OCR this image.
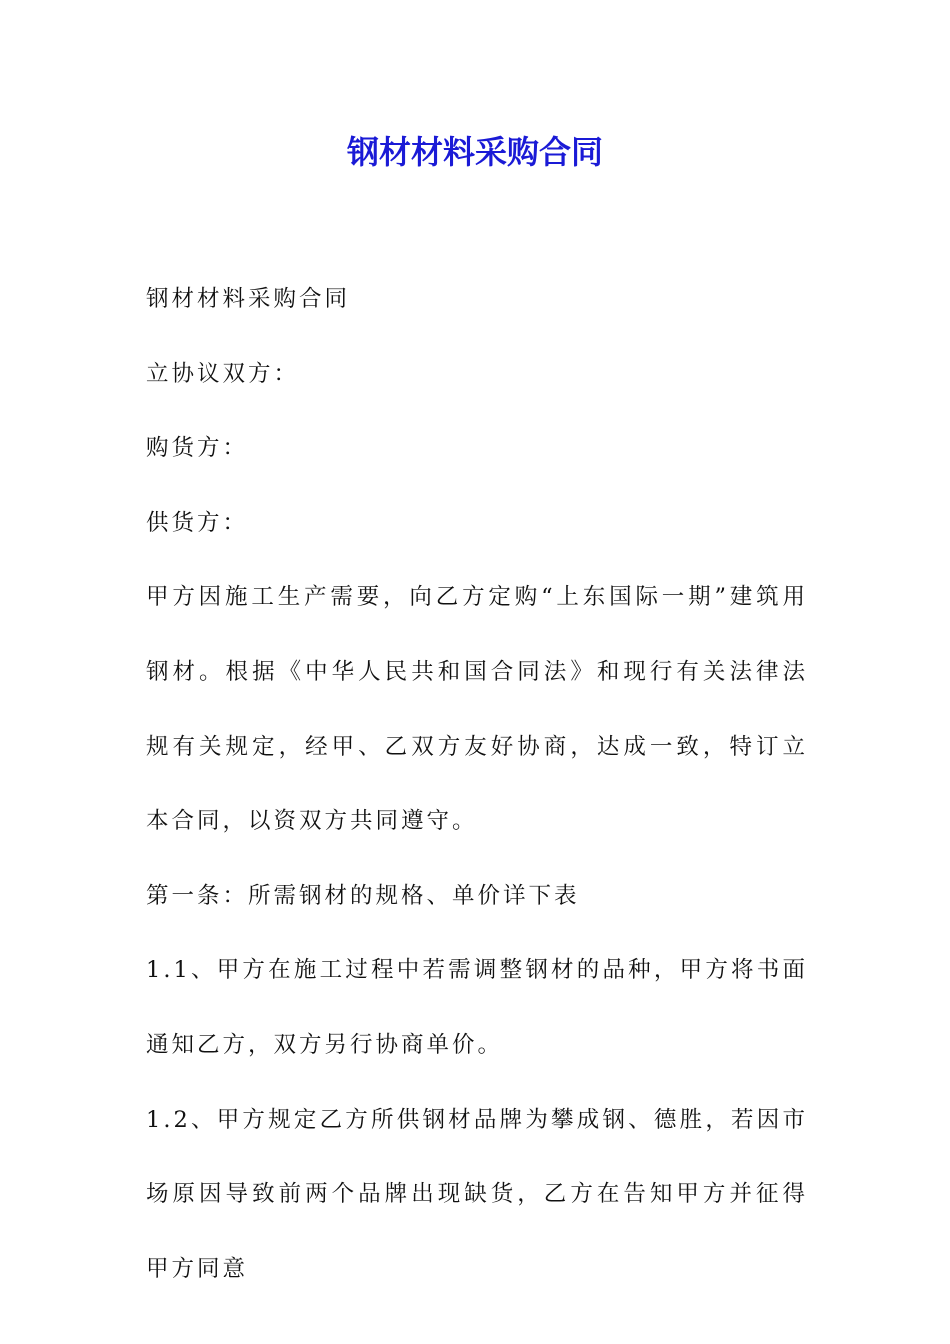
钢材材料采购合同

钢材材料采购合同

立协议双方：

购货方：

供货方：

甲方因施工生产需要，向乙方定购“上东国际一期”建筑用钢材。根据《中华人民共和国合同法》和现行有关法律法规有关规定，经甲、乙双方友好协商，达成一致，特订立本合同，以资双方共同遵守。

第一条：所需钢材的规格、单价详下表

1.1、甲方在施工过程中若需调整钢材的品种，甲方将书面通知乙方，双方另行协商单价。

1.2、甲方规定乙方所供钢材品牌为攀成钢、德胜，若因市场原因导致前两个品牌出现缺货，乙方在告知甲方并征得甲方同意
